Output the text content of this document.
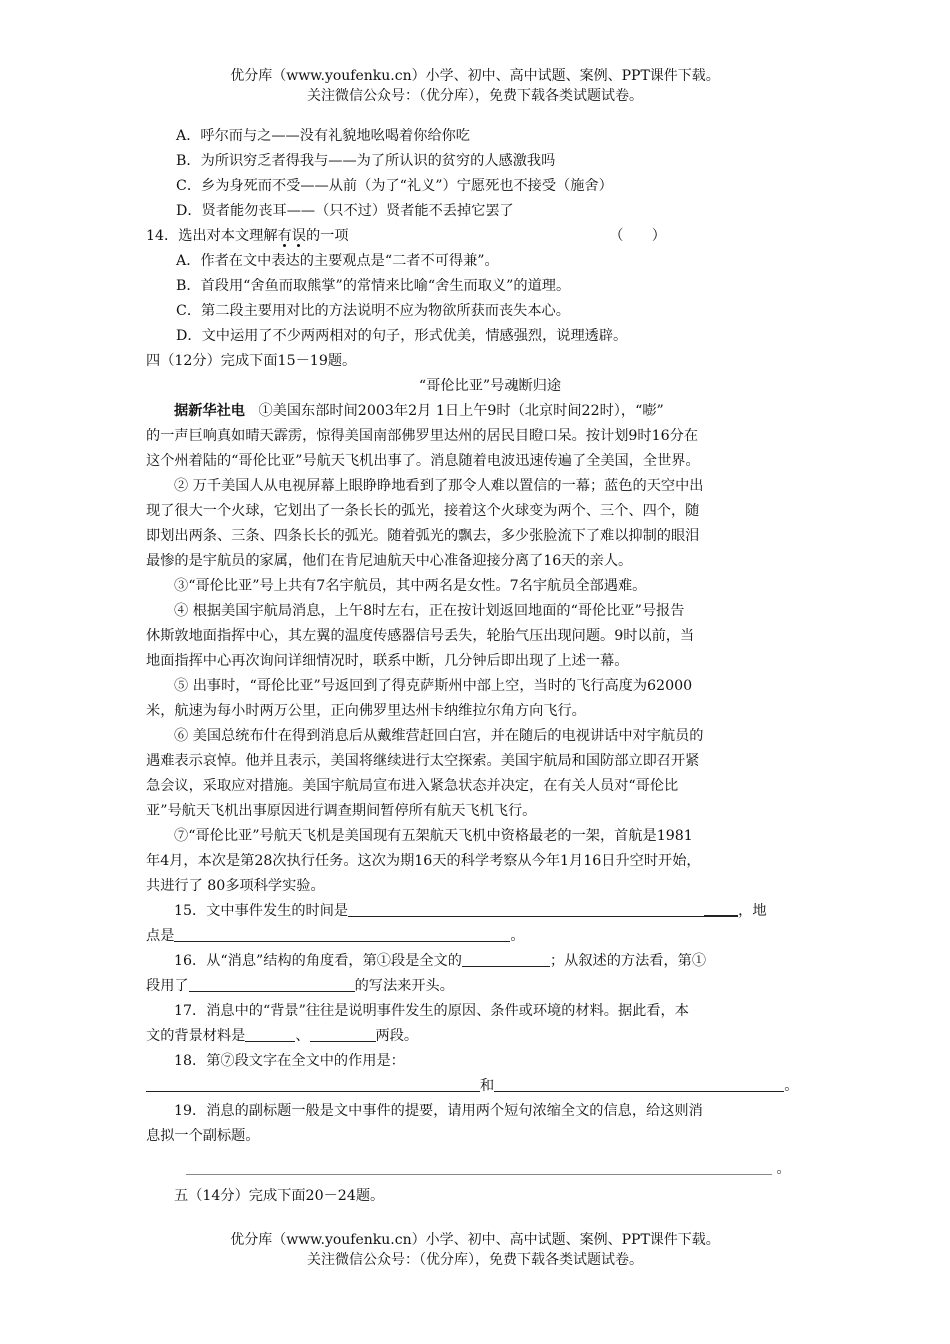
优分库（www.youfenku.cn）小学、初中、高中试题、案例、PPT课件下载。
关注微信公众号：（优分库），免费下载各类试题试卷。

A．呼尔而与之——没有礼貌地吆喝着你给你吃

B．为所识穷乏者得我与——为了所认识的贫穷的人感激我吗

C．乡为身死而不受——从前（为了“礼义”）宁愿死也不接受（施舍）

D．贤者能勿丧耳——（只不过）贤者能不丢掉它罢了

14．选出对本文理解有误的一项	（　　）

A．作者在文中表达的主要观点是“二者不可得兼”。

B．首段用“舍鱼而取熊掌”的常情来比喻“舍生而取义”的道理。

C．第二段主要用对比的方法说明不应为物欲所获而丧失本心。

D．文中运用了不少两两相对的句子，形式优美，情感强烈，说理透辟。

四（12分）完成下面15－19题。

“哥伦比亚”号魂断归途

据新华社电 ①美国东部时间2003年2月 1日上午9时（北京时间22时），“嘭”
的一声巨响真如晴天霹雳，惊得美国南部佛罗里达州的居民目瞪口呆。按计划9时16分在
这个州着陆的“哥伦比亚”号航天飞机出事了。消息随着电波迅速传遍了全美国，全世界。
② 万千美国人从电视屏幕上眼睁睁地看到了那令人难以置信的一幕；蓝色的天空中出
现了很大一个火球，它划出了一条长长的弧光，接着这个火球变为两个、三个、四个，随
即划出两条、三条、四条长长的弧光。随着弧光的飘去，多少张脸流下了难以抑制的眼泪
最惨的是宇航员的家属，他们在肯尼迪航天中心准备迎接分离了16天的亲人。
③“哥伦比亚”号上共有7名宇航员，其中两名是女性。7名宇航员全部遇难。
④ 根据美国宇航局消息，上午8时左右，正在按计划返回地面的“哥伦比亚”号报告
休斯敦地面指挥中心，其左翼的温度传感器信号丢失，轮胎气压出现问题。9时以前，当
地面指挥中心再次询问详细情况时，联系中断，几分钟后即出现了上述一幕。
⑤ 出事时，“哥伦比亚”号返回到了得克萨斯州中部上空，当时的飞行高度为62000
米，航速为每小时两万公里，正向佛罗里达州卡纳维拉尔角方向飞行。
⑥ 美国总统布什在得到消息后从戴维营赶回白宫，并在随后的电视讲话中对宇航员的
遇难表示哀悼。他并且表示，美国将继续进行太空探索。美国宇航局和国防部立即召开紧
急会议，采取应对措施。美国宇航局宣布进入紧急状态并决定，在有关人员对“哥伦比
亚”号航天飞机出事原因进行调查期间暂停所有航天飞机飞行。
⑦“哥伦比亚”号航天飞机是美国现有五架航天飞机中资格最老的一架，首航是1981
年4月，本次是第28次执行任务。这次为期16天的科学考察从今年1月16日升空时开始，
共进行了 80多项科学实验。

15．文中事件发生的时间是	，地

点是	。

16．从“消息”结构的角度看，第①段是全文的	；从叙述的方法看，第①

段用了	的写法来开头。

17．消息中的“背景”往往是说明事件发生的原因、条件或环境的材料。据此看，本

文的背景材料是	、	两段。

18．第⑦段文字在全文中的作用是：

和	。

19．消息的副标题一般是文中事件的提要，请用两个短句浓缩全文的信息，给这则消

息拟一个副标题。

。

五（14分）完成下面20－24题。

优分库（www.youfenku.cn）小学、初中、高中试题、案例、PPT课件下载。
关注微信公众号：（优分库），免费下载各类试题试卷。
